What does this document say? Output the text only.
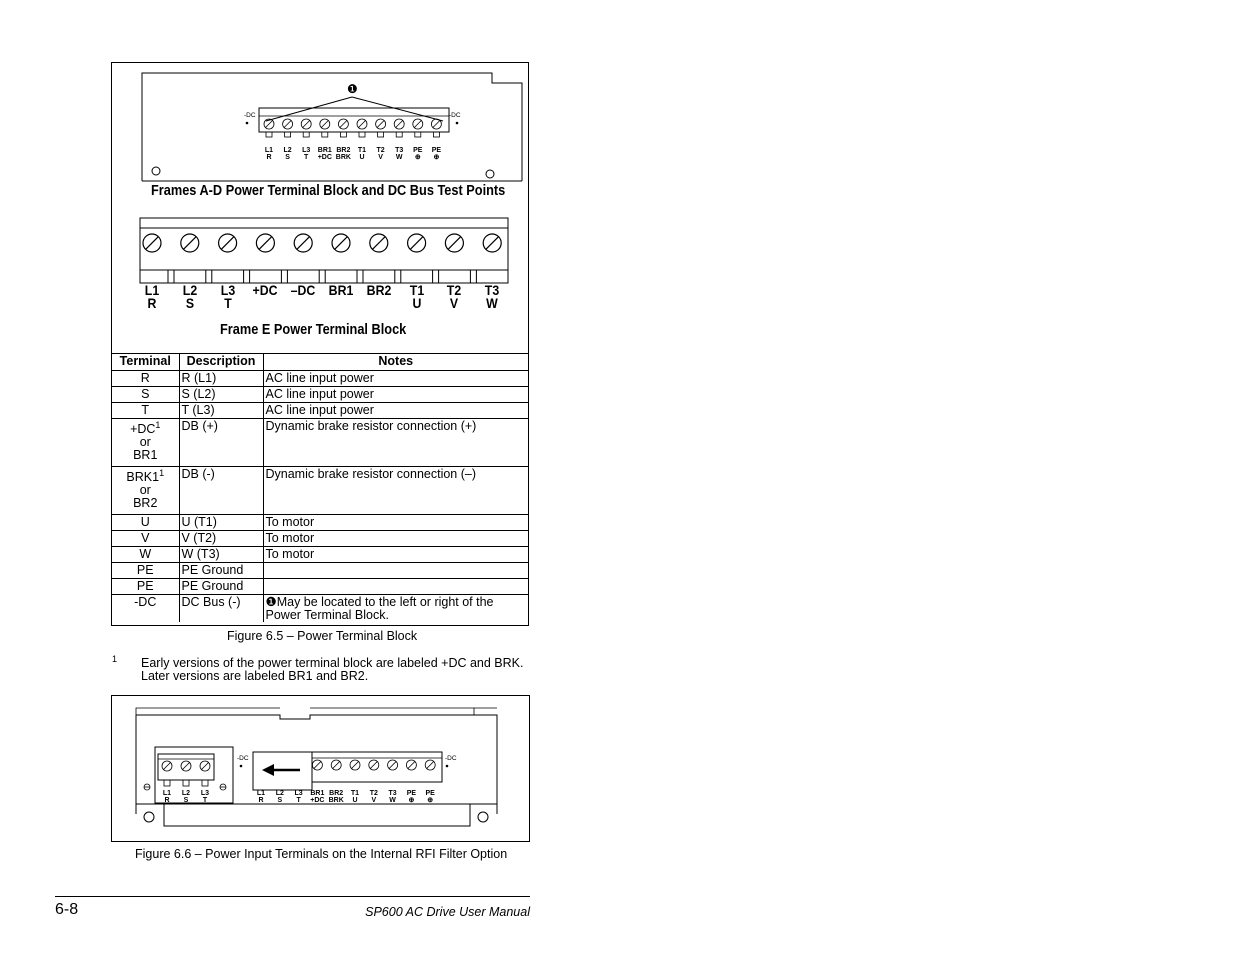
❶
-DC	-DC
L1
R
L2
S
L3
T
BR1
+DC
BR2
BRK
T1
U
T2
V
T3
W
PE
⊕
PE
⊕
Frames A-D Power Terminal Block and DC Bus Test Points
L1
R
L2
S
L3
T
+DC –DC BR1 BR2	T1
U
T2
V
T3
W
Frame E Power Terminal Block
Terminal	Description	Notes
R	R (L1)	AC line input power
S	S (L2)	AC line input power
T	T (L3)	AC line input power
$+DC^1$
or
BR1	DB (+)	Dynamic brake resistor connection (+)
$BRK1^1$
or
BR2	DB (-)	Dynamic brake resistor connection (–)
U	U (T1)	To motor
V	V (T2)	To motor
W	W (T3)	To motor
PE	PE Ground	
PE	PE Ground	
-DC	DC Bus (-)	❶May be located to the left or right of the Power Terminal Block.
Figure 6.5 – Power Terminal Block
1 Early versions of the power terminal block are labeled +DC and BRK.
Later versions are labeled BR1 and BR2.
-DC	-DC
L1
R
L2
S
L3
T
L1
R
L2
S
L3
T
BR1
+DC
BR2
BRK
T1
U
T2
V
T3
W
PE
⊕
PE
⊕
Figure 6.6 – Power Input Terminals on the Internal RFI Filter Option
6-8	SP600 AC Drive User Manual
